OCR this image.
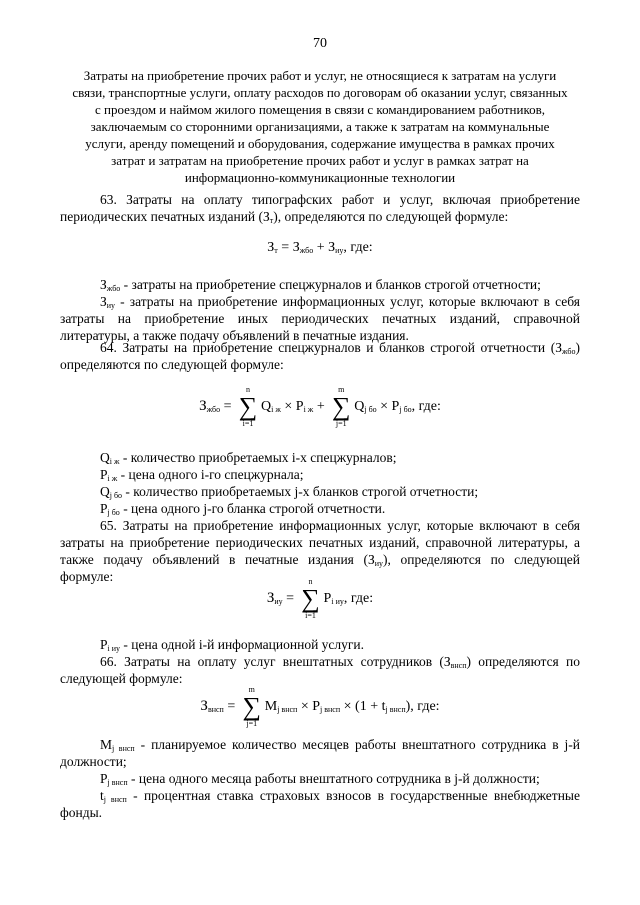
70
Затраты на приобретение прочих работ и услуг, не относящиеся к затратам на услуги связи, транспортные услуги, оплату расходов по договорам об оказании услуг, связанных с проездом и наймом жилого помещения в связи с командированием работников, заключаемым со сторонними организациями, а также к затратам на коммунальные услуги, аренду помещений и оборудования, содержание имущества в рамках прочих затрат и затратам на приобретение прочих работ и услуг в рамках затрат на информационно-коммуникационные технологии
63. Затраты на оплату типографских работ и услуг, включая приобретение периодических печатных изданий $(З_т)$, определяются по следующей формуле:
$З_т = З_{жбо} + З_{иу}$, где:
$З_{жбо}$ - затраты на приобретение спецжурналов и бланков строгой отчетности;
$З_{иу}$ - затраты на приобретение информационных услуг, которые включают в себя затраты на приобретение иных периодических печатных изданий, справочной литературы, а также подачу объявлений в печатные издания.
64. Затраты на приобретение спецжурналов и бланков строгой отчетности $(З_{жбо})$ определяются по следующей формуле:
$З_{жбо}$ =
n
∑
i=1
$Q_{i ж} \times P_{i ж}$ +
m
∑
j=1
$Q_{j бо} \times P_{j бо}$, где:
$Q_{i ж}$ - количество приобретаемых i-х спецжурналов;
$P_{i ж}$ - цена одного i-го спецжурнала;
$Q_{j бо}$ - количество приобретаемых j-х бланков строгой отчетности;
$P_{j бо}$ - цена одного j-го бланка строгой отчетности.
65. Затраты на приобретение информационных услуг, которые включают в себя затраты на приобретение периодических печатных изданий, справочной литературы, а также подачу объявлений в печатные издания $(З_{иу})$, определяются по следующей формуле:
$З_{иу}$ =
n
∑
i=1
$P_{i иу}$, где:
$P_{i иу}$ - цена одной i-й информационной услуги.
66. Затраты на оплату услуг внештатных сотрудников $(З_{внсп})$ определяются по следующей формуле:
$З_{внсп}$ =
m
∑
j=1
$M_{j внсп} \times P_{j внсп} \times (1 + t_{j внсп})$, где:
$M_{j внсп}$ - планируемое количество месяцев работы внештатного сотрудника в j-й должности;
$P_{j внсп}$ - цена одного месяца работы внештатного сотрудника в j-й должности;
$t_{j внсп}$ - процентная ставка страховых взносов в государственные внебюджетные фонды.
